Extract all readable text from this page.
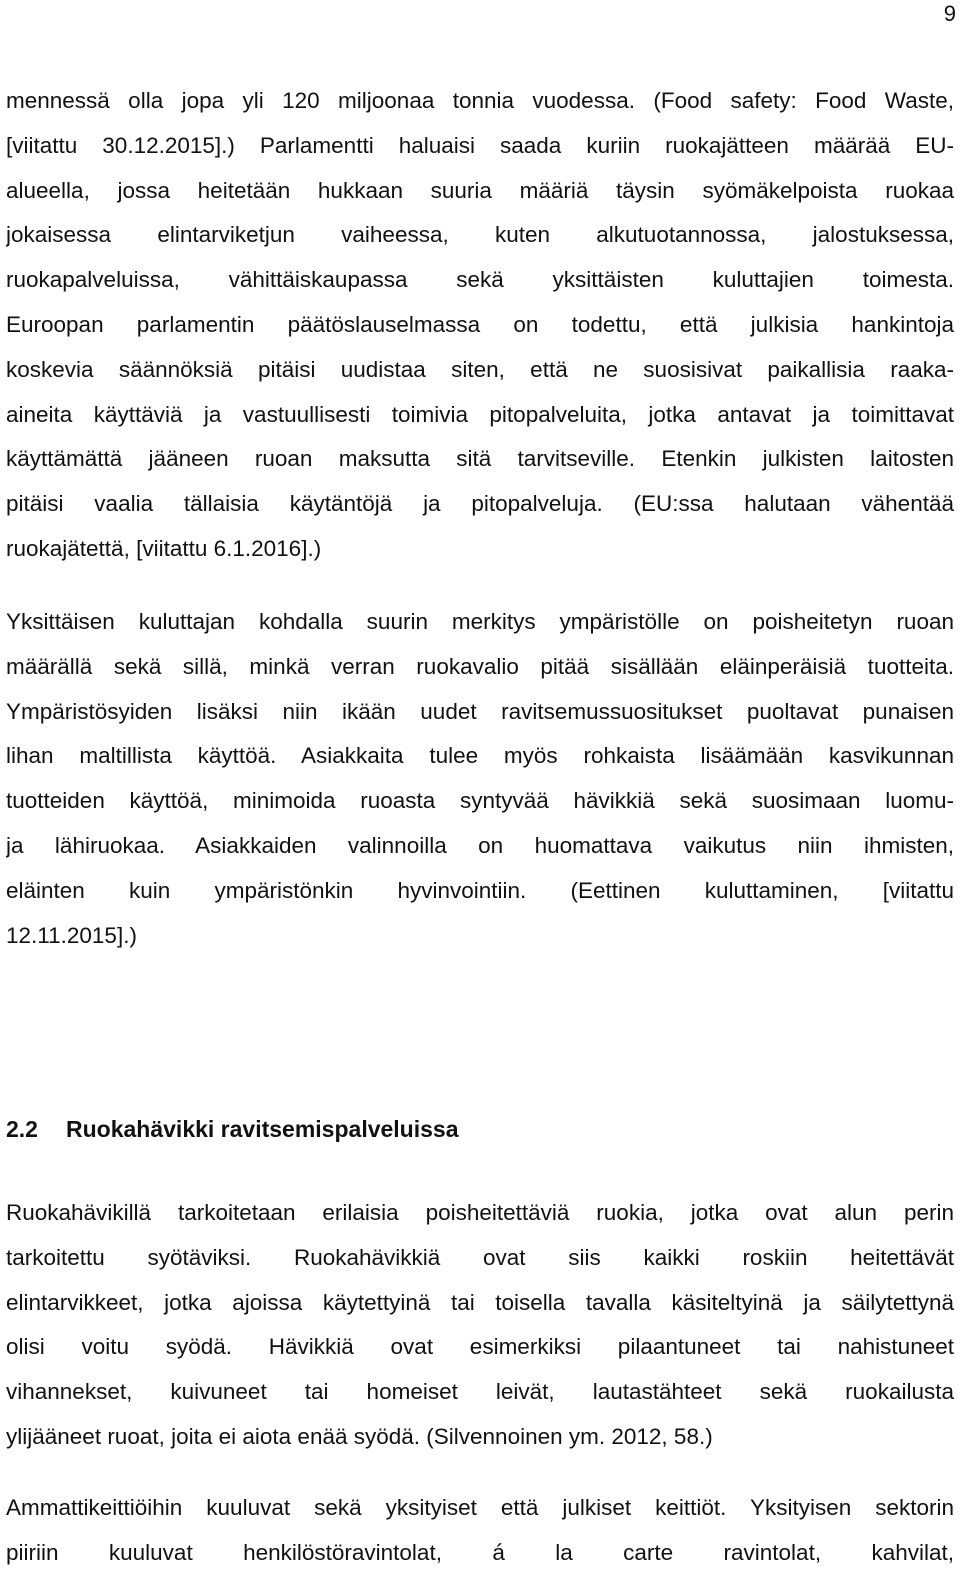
9

mennessä olla jopa yli 120 miljoonaa tonnia vuodessa. (Food safety: Food Waste,
[viitattu 30.12.2015].) Parlamentti haluaisi saada kuriin ruokajätteen määrää EU-
alueella, jossa heitetään hukkaan suuria määriä täysin syömäkelpoista ruokaa
jokaisessa elintarviketjun vaiheessa, kuten alkutuotannossa, jalostuksessa,
ruokapalveluissa, vähittäiskaupassa sekä yksittäisten kuluttajien toimesta.
Euroopan parlamentin päätöslauselmassa on todettu, että julkisia hankintoja
koskevia säännöksiä pitäisi uudistaa siten, että ne suosisivat paikallisia raaka-
aineita käyttäviä ja vastuullisesti toimivia pitopalveluita, jotka antavat ja toimittavat
käyttämättä jääneen ruoan maksutta sitä tarvitseville. Etenkin julkisten laitosten
pitäisi vaalia tällaisia käytäntöjä ja pitopalveluja. (EU:ssa halutaan vähentää
ruokajätettä, [viitattu 6.1.2016].)

Yksittäisen kuluttajan kohdalla suurin merkitys ympäristölle on poisheitetyn ruoan
määrällä sekä sillä, minkä verran ruokavalio pitää sisällään eläinperäisiä tuotteita.
Ympäristösyiden lisäksi niin ikään uudet ravitsemussuositukset puoltavat punaisen
lihan maltillista käyttöä. Asiakkaita tulee myös rohkaista lisäämään kasvikunnan
tuotteiden käyttöä, minimoida ruoasta syntyvää hävikkiä sekä suosimaan luomu-
ja lähiruokaa. Asiakkaiden valinnoilla on huomattava vaikutus niin ihmisten,
eläinten kuin ympäristönkin hyvinvointiin. (Eettinen kuluttaminen, [viitattu
12.11.2015].)

2.2 Ruokahävikki ravitsemispalveluissa

Ruokahävikillä tarkoitetaan erilaisia poisheitettäviä ruokia, jotka ovat alun perin
tarkoitettu syötäviksi. Ruokahävikkiä ovat siis kaikki roskiin heitettävät
elintarvikkeet, jotka ajoissa käytettyinä tai toisella tavalla käsiteltyinä ja säilytettynä
olisi voitu syödä. Hävikkiä ovat esimerkiksi pilaantuneet tai nahistuneet
vihannekset, kuivuneet tai homeiset leivät, lautastähteet sekä ruokailusta
ylijääneet ruoat, joita ei aiota enää syödä. (Silvennoinen ym. 2012, 58.)

Ammattikeittiöihin kuuluvat sekä yksityiset että julkiset keittiöt. Yksityisen sektorin
piiriin kuuluvat henkilöstöravintolat, á la carte ravintolat, kahvilat,
